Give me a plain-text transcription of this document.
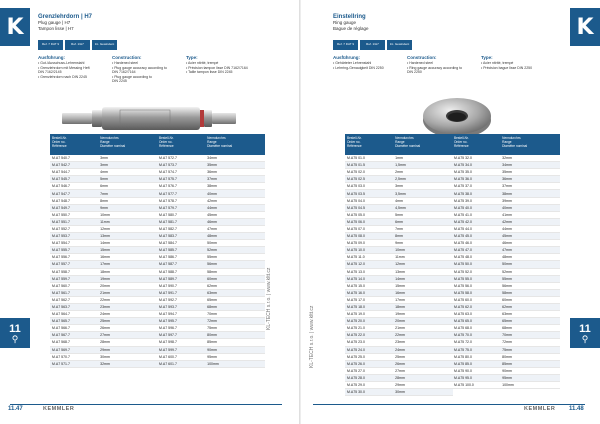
K
11
⚲
KL-TECH s.r.o. | www.kltt.cz
Grenzlehrdorn | H7
Plug gauge | H7
Tampon lisse | H7
Ref. 7 DAT 9	Ref. 1/H7	Int. Gewindent
Ausführung:
• Gut-/Ausschuss-Lehrenstahl
• Grenzlehrdorn mit Messing Heft
DIN 7162/2145
• Grenzlehrdorn nach DIN 2245
Construction:
• Hardened steel
• Plug gauge accuracy according to
DIN 7162/7164
• Plug gauge according to
DIN 2245
Type:
• Acier nitrité, trempé
• Précision tampon lisse DIN 7162/7164
• Taille tampon lisse DIN 2245
Bestell-Nr.
Order no.
Référence
Nenndurchm.
Range
Diamètre nominal
M.A7 540.7	3mm
M.A7 542.7	3mm
M.A7 544.7	4mm
M.A7 545.7	5mm
M.A7 546.7	6mm
M.A7 547.7	7mm
M.A7 548.7	8mm
M.A7 549.7	9mm
M.A7 550.7	10mm
M.A7 551.7	11mm
M.A7 552.7	12mm
M.A7 553.7	13mm
M.A7 554.7	14mm
M.A7 555.7	15mm
M.A7 556.7	16mm
M.A7 557.7	17mm
M.A7 558.7	18mm
M.A7 559.7	19mm
M.A7 560.7	20mm
M.A7 561.7	21mm
M.A7 562.7	22mm
M.A7 563.7	23mm
M.A7 564.7	24mm
M.A7 565.7	25mm
M.A7 566.7	26mm
M.A7 567.7	27mm
M.A7 568.7	28mm
M.A7 569.7	29mm
M.A7 570.7	30mm
M.A7 571.7	32mm
Bestell-Nr.
Order no.
Référence
Nenndurchm.
Range
Diamètre nominal
M.A7 572.7	34mm
M.A7 573.7	35mm
M.A7 574.7	36mm
M.A7 575.7	37mm
M.A7 576.7	38mm
M.A7 577.7	40mm
M.A7 578.7	42mm
M.A7 579.7	44mm
M.A7 580.7	45mm
M.A7 581.7	46mm
M.A7 582.7	47mm
M.A7 583.7	48mm
M.A7 584.7	50mm
M.A7 585.7	52mm
M.A7 586.7	55mm
M.A7 587.7	56mm
M.A7 588.7	58mm
M.A7 589.7	60mm
M.A7 590.7	62mm
M.A7 591.7	63mm
M.A7 592.7	65mm
M.A7 593.7	68mm
M.A7 594.7	70mm
M.A7 595.7	72mm
M.A7 596.7	75mm
M.A7 597.7	80mm
M.A7 598.7	85mm
M.A7 599.7	90mm
M.A7 600.7	95mm
M.A7 601.7	100mm
11.47	KEMMLER
K
11
⚲
KL-TECH s.r.o. | www.kltt.cz
Einstellring
Ring gauge
Bague de réglage
Ref. 7 DAT 9	Ref. 1/H7	Int. Gewindent
Ausführung:
• Gehärteter Lehrenstahl
• Lehrring-Genauigkeit DIN 2250
Construction:
• Hardened steel
• Ring gauge accuracy according to
DIN 2250
Type:
• Acier nitrité, trempé
• Précision bague lisse DIN 2250
Bestell-Nr.
Order no.
Référence
Nenndurchm.
Range
Diamètre nominal
M.A75 01.0	1mm
M.A75 01.5	1,5mm
M.A75 02.0	2mm
M.A75 02.5	2,5mm
M.A75 03.0	3mm
M.A75 03.5	3,5mm
M.A75 04.0	4mm
M.A75 04.5	4,5mm
M.A75 05.0	5mm
M.A75 06.0	6mm
M.A75 07.0	7mm
M.A75 08.0	8mm
M.A75 09.0	9mm
M.A75 10.0	10mm
M.A75 11.0	11mm
M.A75 12.0	12mm
M.A75 13.0	13mm
M.A75 14.0	14mm
M.A75 15.0	15mm
M.A75 16.0	16mm
M.A75 17.0	17mm
M.A75 18.0	18mm
M.A75 19.0	19mm
M.A75 20.0	20mm
M.A75 21.0	21mm
M.A75 22.0	22mm
M.A75 23.0	23mm
M.A75 24.0	24mm
M.A75 25.0	25mm
M.A75 26.0	26mm
M.A75 27.0	27mm
M.A75 28.0	28mm
M.A75 29.0	29mm
M.A75 30.0	30mm
Bestell-Nr.
Order no.
Référence
Nenndurchm.
Range
Diamètre nominal
M.A75 32.0	32mm
M.A75 34.0	34mm
M.A75 35.0	35mm
M.A75 36.0	36mm
M.A75 37.0	37mm
M.A75 38.0	38mm
M.A75 39.0	39mm
M.A75 40.0	40mm
M.A75 41.0	41mm
M.A75 42.0	42mm
M.A75 44.0	44mm
M.A75 45.0	45mm
M.A75 46.0	46mm
M.A75 47.0	47mm
M.A75 48.0	48mm
M.A75 50.0	50mm
M.A75 52.0	52mm
M.A75 55.0	55mm
M.A75 56.0	56mm
M.A75 58.0	58mm
M.A75 60.0	60mm
M.A75 62.0	62mm
M.A75 63.0	63mm
M.A75 65.0	65mm
M.A75 68.0	68mm
M.A75 70.0	70mm
M.A75 72.0	72mm
M.A75 75.0	75mm
M.A75 80.0	80mm
M.A75 85.0	85mm
M.A75 90.0	90mm
M.A75 95.0	95mm
M.A75 100.0	100mm
KEMMLER 11.48
